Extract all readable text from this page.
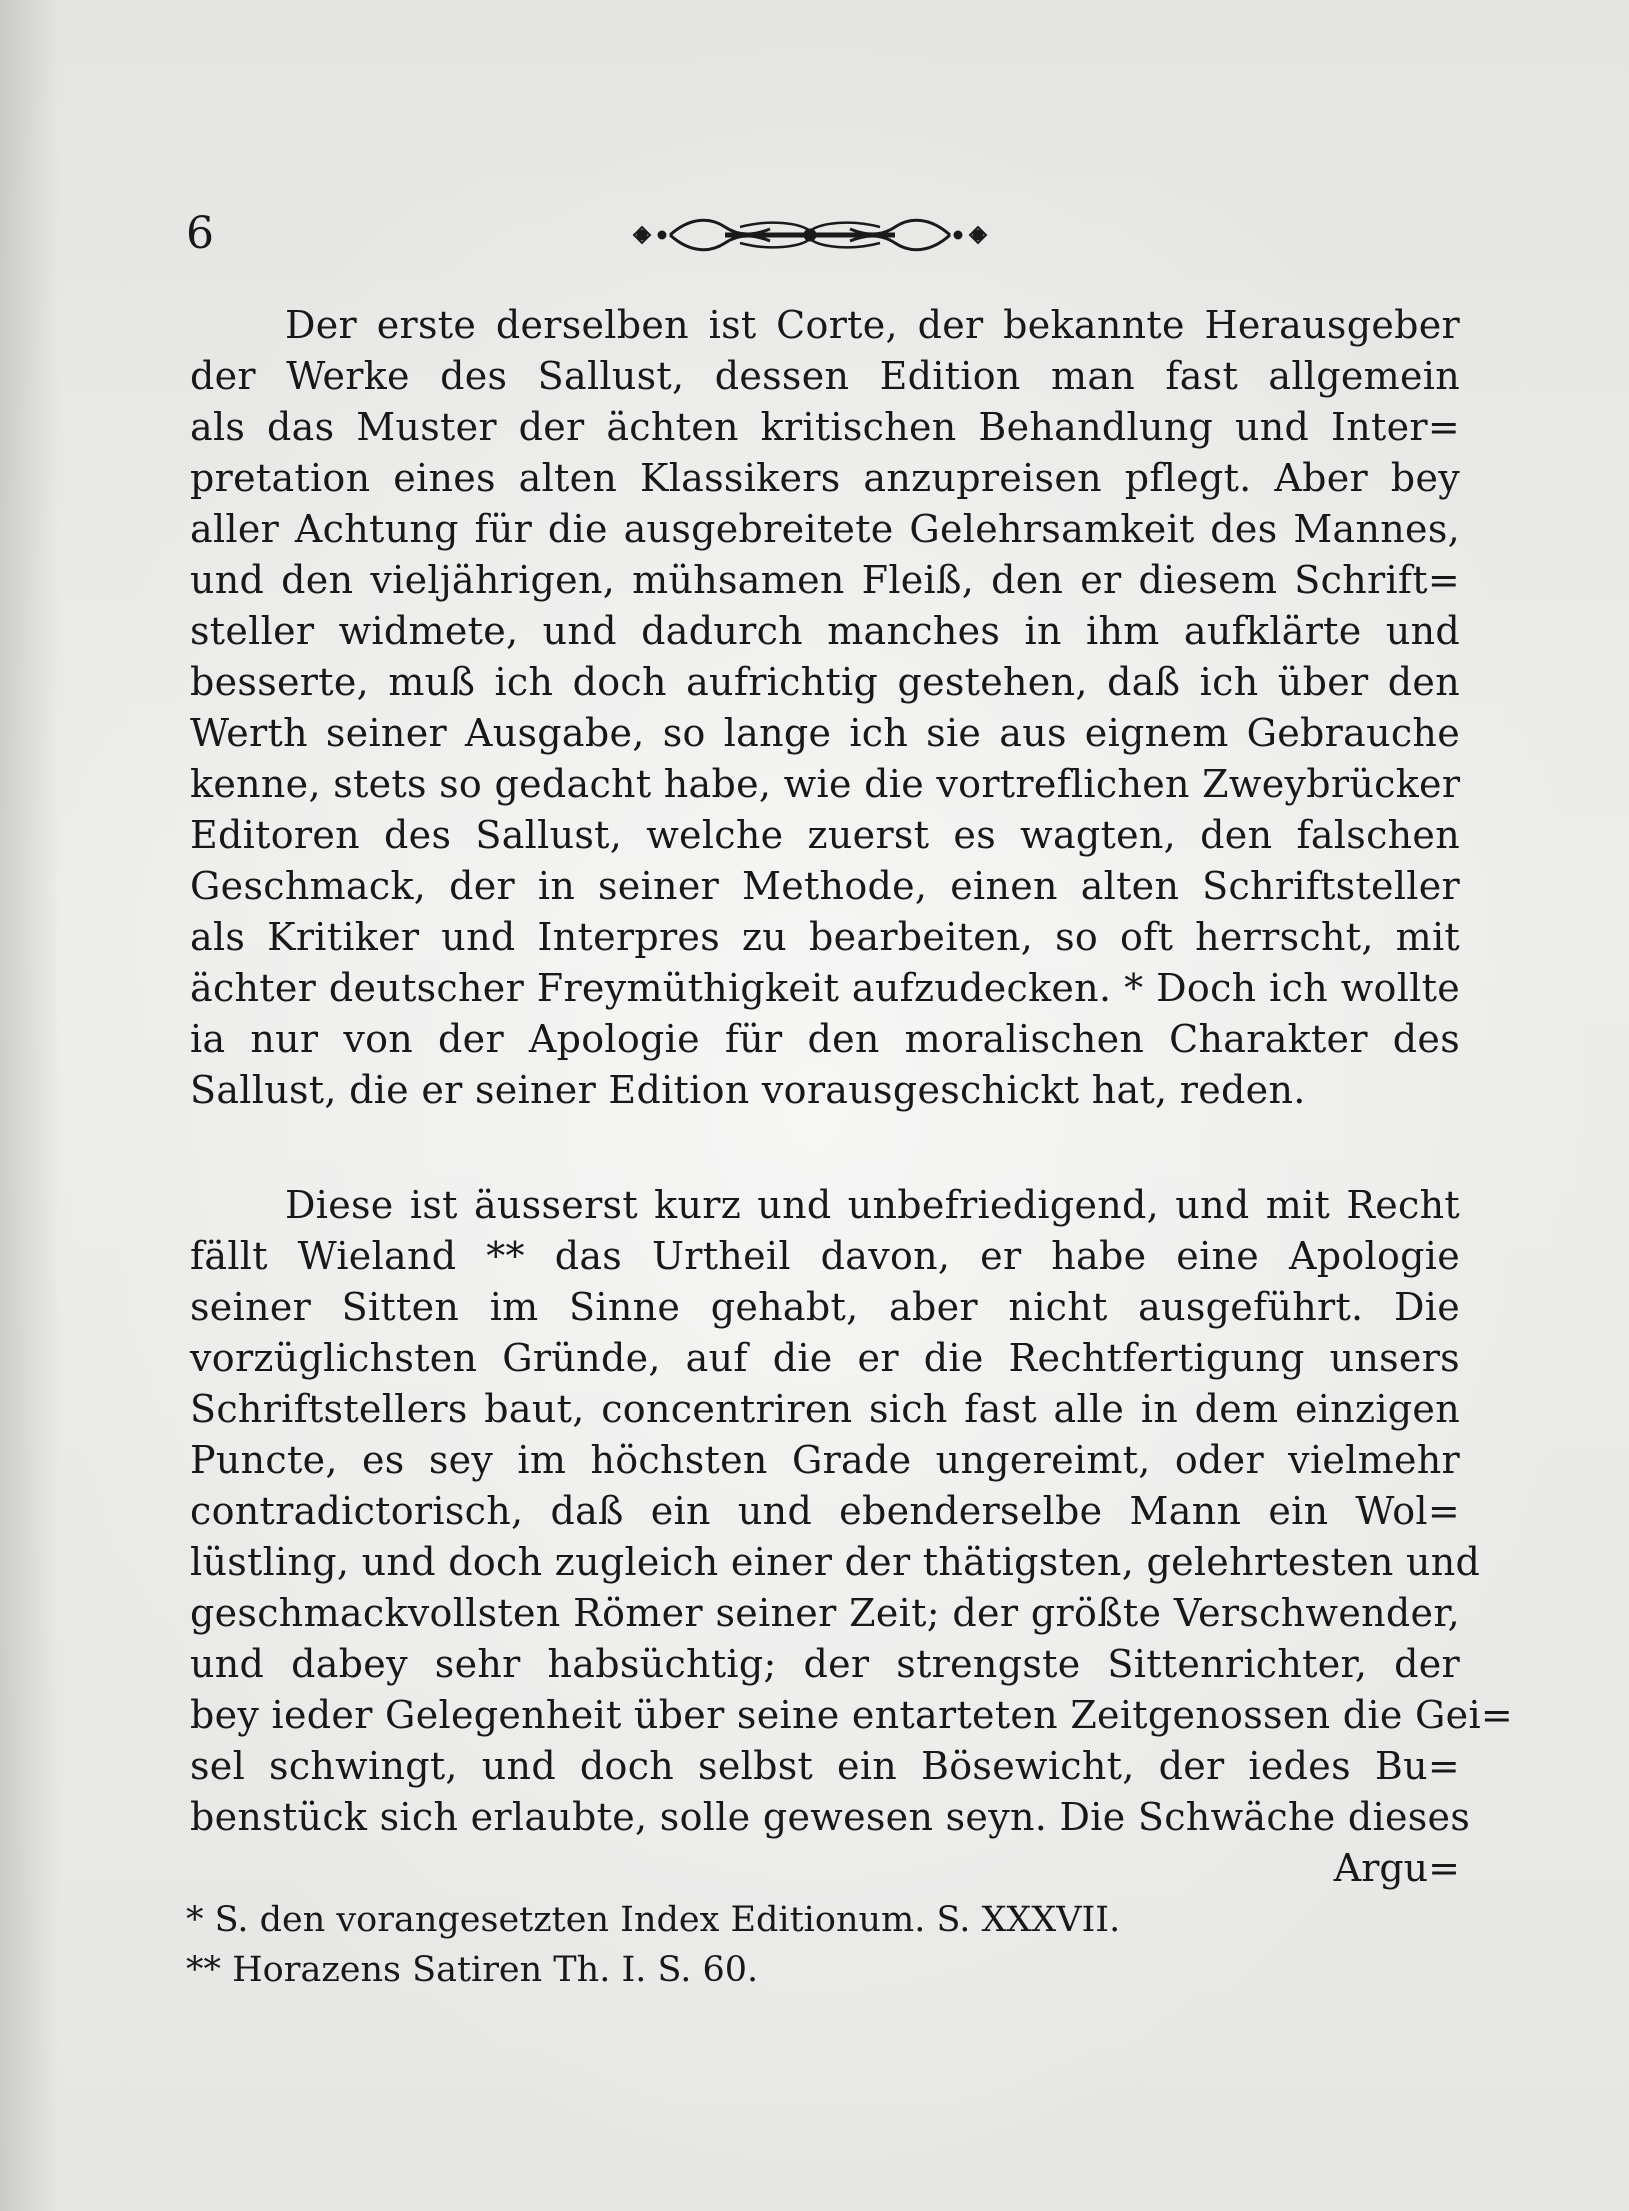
6
Der erste derselben ist Corte, der bekannte Herausgeber
der Werke des Sallust, dessen Edition man fast allgemein
als das Muster der ächten kritischen Behandlung und Inter=
pretation eines alten Klassikers anzupreisen pflegt. Aber bey
aller Achtung für die ausgebreitete Gelehrsamkeit des Mannes,
und den vieljährigen, mühsamen Fleiß, den er diesem Schrift=
steller widmete, und dadurch manches in ihm aufklärte und
besserte, muß ich doch aufrichtig gestehen, daß ich über den
Werth seiner Ausgabe, so lange ich sie aus eignem Gebrauche
kenne, stets so gedacht habe, wie die vortreflichen Zweybrücker
Editoren des Sallust, welche zuerst es wagten, den falschen
Geschmack, der in seiner Methode, einen alten Schriftsteller
als Kritiker und Interpres zu bearbeiten, so oft herrscht, mit
ächter deutscher Freymüthigkeit aufzudecken. * Doch ich wollte
ia nur von der Apologie für den moralischen Charakter des
Sallust, die er seiner Edition vorausgeschickt hat, reden.
Diese ist äusserst kurz und unbefriedigend, und mit Recht
fällt Wieland ** das Urtheil davon, er habe eine Apologie
seiner Sitten im Sinne gehabt, aber nicht ausgeführt. Die
vorzüglichsten Gründe, auf die er die Rechtfertigung unsers
Schriftstellers baut, concentriren sich fast alle in dem einzigen
Puncte, es sey im höchsten Grade ungereimt, oder vielmehr
contradictorisch, daß ein und ebenderselbe Mann ein Wol=
lüstling, und doch zugleich einer der thätigsten, gelehrtesten und
geschmackvollsten Römer seiner Zeit; der größte Verschwender,
und dabey sehr habsüchtig; der strengste Sittenrichter, der
bey ieder Gelegenheit über seine entarteten Zeitgenossen die Gei=
sel schwingt, und doch selbst ein Bösewicht, der iedes Bu=
benstück sich erlaubte, solle gewesen seyn. Die Schwäche dieses
Argu=
* S. den vorangesetzten Index Editionum. S. XXXVII.
** Horazens Satiren Th. I. S. 60.
